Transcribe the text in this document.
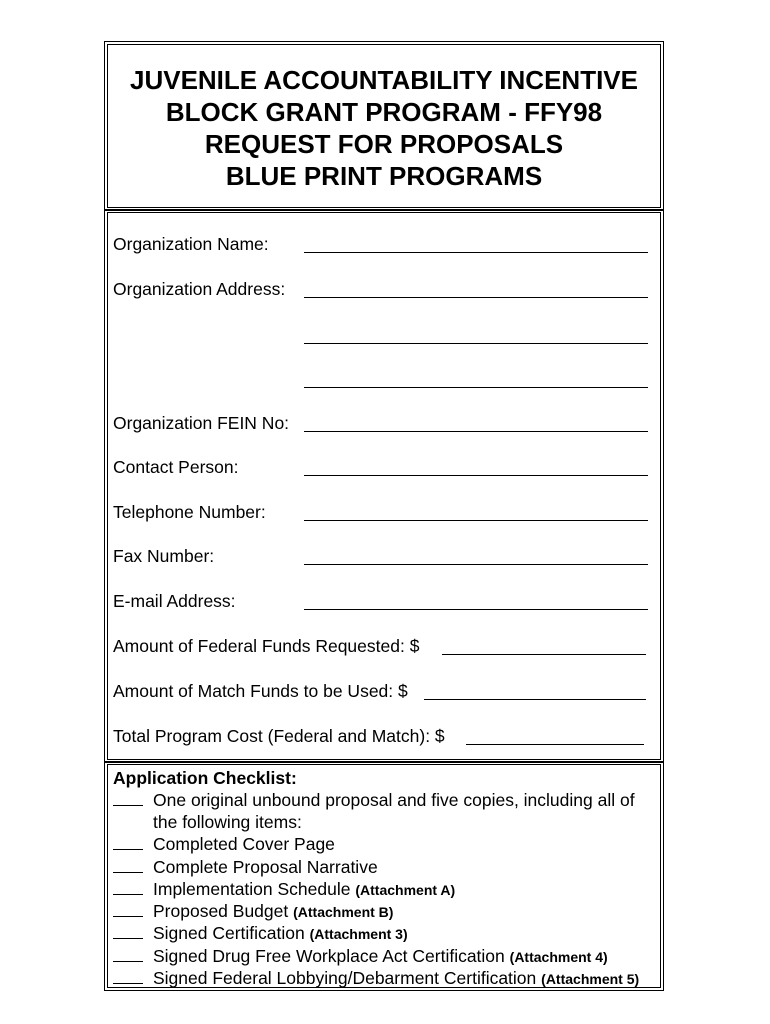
JUVENILE ACCOUNTABILITY INCENTIVE
BLOCK GRANT PROGRAM - FFY98
REQUEST FOR PROPOSALS
BLUE PRINT PROGRAMS
Organization Name:
Organization Address:
Organization FEIN No:
Contact Person:
Telephone Number:
Fax Number:
E-mail Address:
Amount of Federal Funds Requested: $
Amount of Match Funds to be Used: $
Total Program Cost (Federal and Match): $
Application Checklist:
One original unbound proposal and five copies, including all of
the following items:
Completed Cover Page
Complete Proposal Narrative
Implementation Schedule (Attachment A)
Proposed Budget (Attachment B)
Signed Certification (Attachment 3)
Signed Drug Free Workplace Act Certification (Attachment 4)
Signed Federal Lobbying/Debarment Certification (Attachment 5)
